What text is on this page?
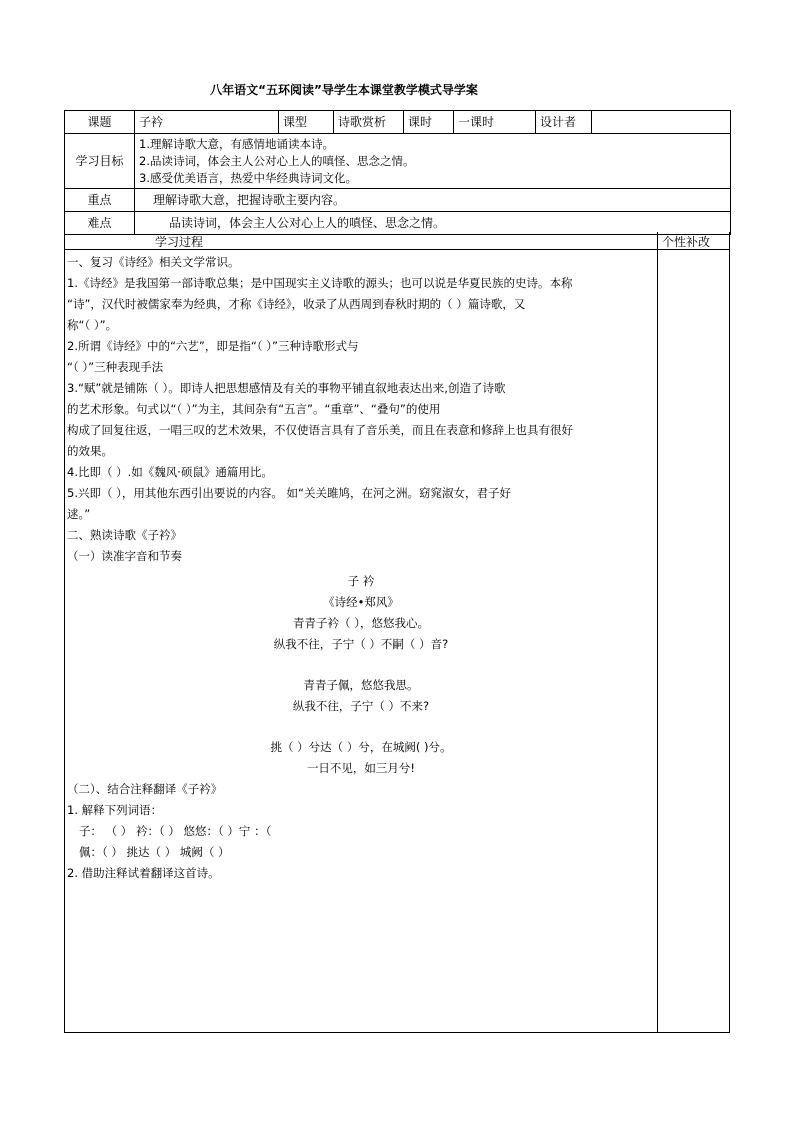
八年语文“五环阅读”导学生本课堂教学模式导学案
课题	子衿	课型	诗歌赏析	课时	一课时	设计者	
学习目标	1.理解诗歌大意，有感情地诵读本诗。
2.品读诗词，体会主人公对心上人的嗔怪、思念之情。
3.感受优美语言，热爱中华经典诗词文化。						

重点	理解诗歌大意，把握诗歌主要内容。						
难点	品读诗词，体会主人公对心上人的嗔怪、思念之情。						
学习过程	个性补改

一、复习《诗经》相关文学常识。

1.《诗经》是我国第一部诗歌总集；是中国现实主义诗歌的源头；也可以说是华夏民族的史诗。本称

“诗”，汉代时被儒家奉为经典，才称《诗经》，收录了从西周到春秋时期的（ ）篇诗歌，又

称“（ ）”。

2.所谓《诗经》中的“六艺”，即是指“（ ）”三种诗歌形式与

“（ ）”三种表现手法

3.“赋”就是铺陈（ ）。即诗人把思想感情及有关的事物平铺直叙地表达出来,创造了诗歌

的艺术形象。句式以“（ ）”为主，其间杂有“五言”。“重章”、“叠句”的使用

构成了回复往返，一唱三叹的艺术效果，不仅使语言具有了音乐美，而且在表意和修辞上也具有很好

的效果。

4.比即（ ）.如《魏风·硕鼠》通篇用比。

5.兴即（ ），用其他东西引出要说的内容。 如“关关雎鸠，在河之洲。窈窕淑女，君子好

逑。”

二、熟读诗歌《子衿》

（一）读准字音和节奏

子 衿

《诗经•郑风》

青青子衿（ ），悠悠我心。

纵我不往，子宁（ ）不嗣（ ）音?

青青子佩，悠悠我思。

纵我不往，子宁（ ）不来?

挑（ ）兮达（ ）兮，在城阙( )兮。

一日不见，如三月兮!

（二）、结合注释翻译《子衿》

1. 解释下列词语：

子： （ ） 衿：（ ） 悠悠：（ ）宁 ：（

佩：（ ） 挑达（ ） 城阙（ ）

2. 借助注释试着翻译这首诗。
